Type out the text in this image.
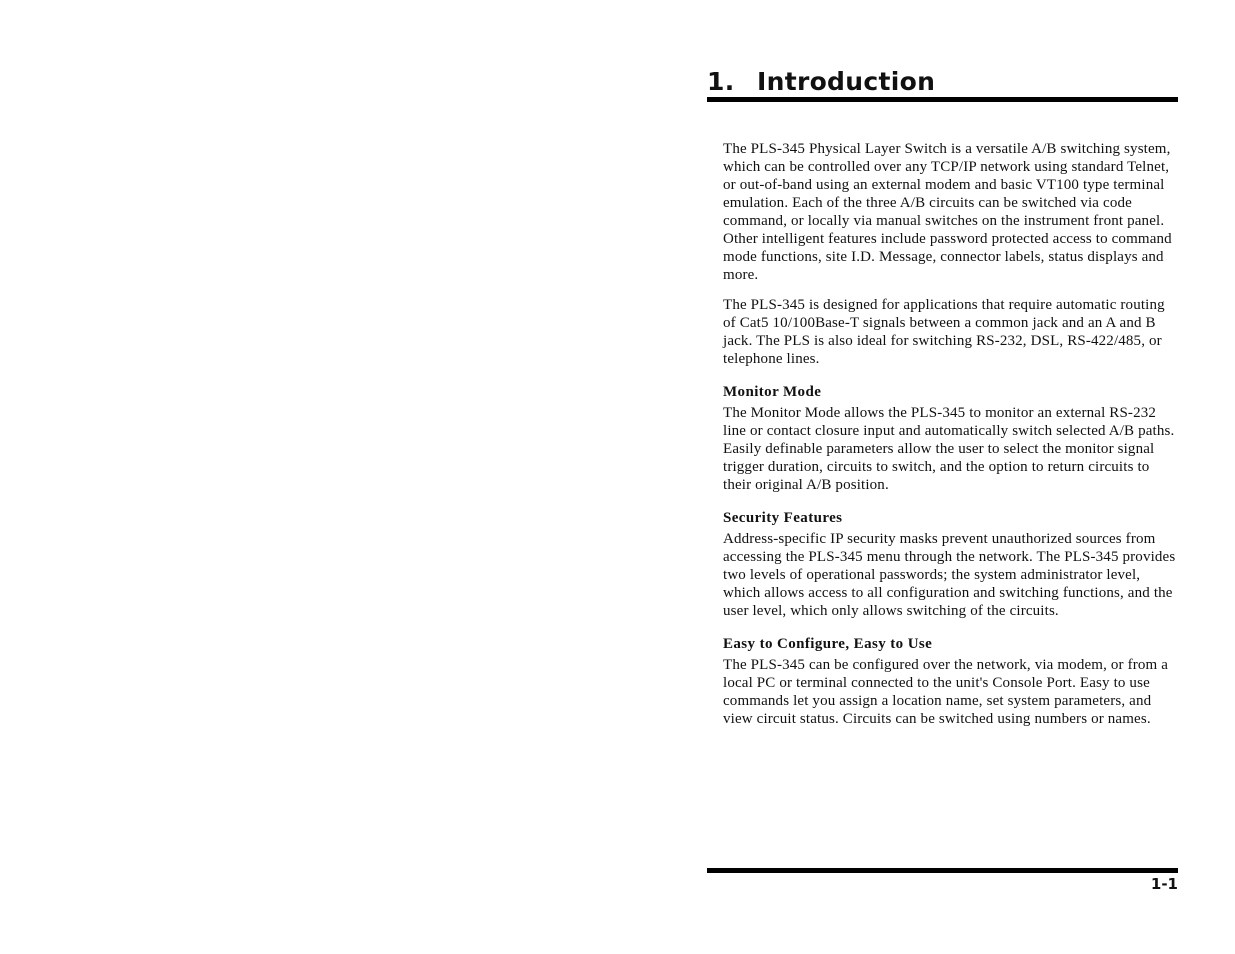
1. Introduction

The PLS-345 Physical Layer Switch is a versatile A/B switching system, which can be controlled over any TCP/IP network using standard Telnet, or out-of-band using an external modem and basic VT100 type terminal emulation. Each of the three A/B circuits can be switched via code command, or locally via manual switches on the instrument front panel. Other intelligent features include password protected access to command mode functions, site I.D. Message, connector labels, status displays and more.

The PLS-345 is designed for applications that require automatic routing of Cat5 10/100Base-T signals between a common jack and an A and B jack. The PLS is also ideal for switching RS-232, DSL, RS-422/485, or telephone lines.

Monitor Mode

The Monitor Mode allows the PLS-345 to monitor an external RS-232 line or contact closure input and automatically switch selected A/B paths. Easily definable parameters allow the user to select the monitor signal trigger duration, circuits to switch, and the option to return circuits to their original A/B position.

Security Features

Address-specific IP security masks prevent unauthorized sources from accessing the PLS-345 menu through the network. The PLS-345 provides two levels of operational passwords; the system administrator level, which allows access to all configuration and switching functions, and the user level, which only allows switching of the circuits.

Easy to Configure, Easy to Use

The PLS-345 can be configured over the network, via modem, or from a local PC or terminal connected to the unit's Console Port. Easy to use commands let you assign a location name, set system parameters, and view circuit status. Circuits can be switched using numbers or names.

1-1
